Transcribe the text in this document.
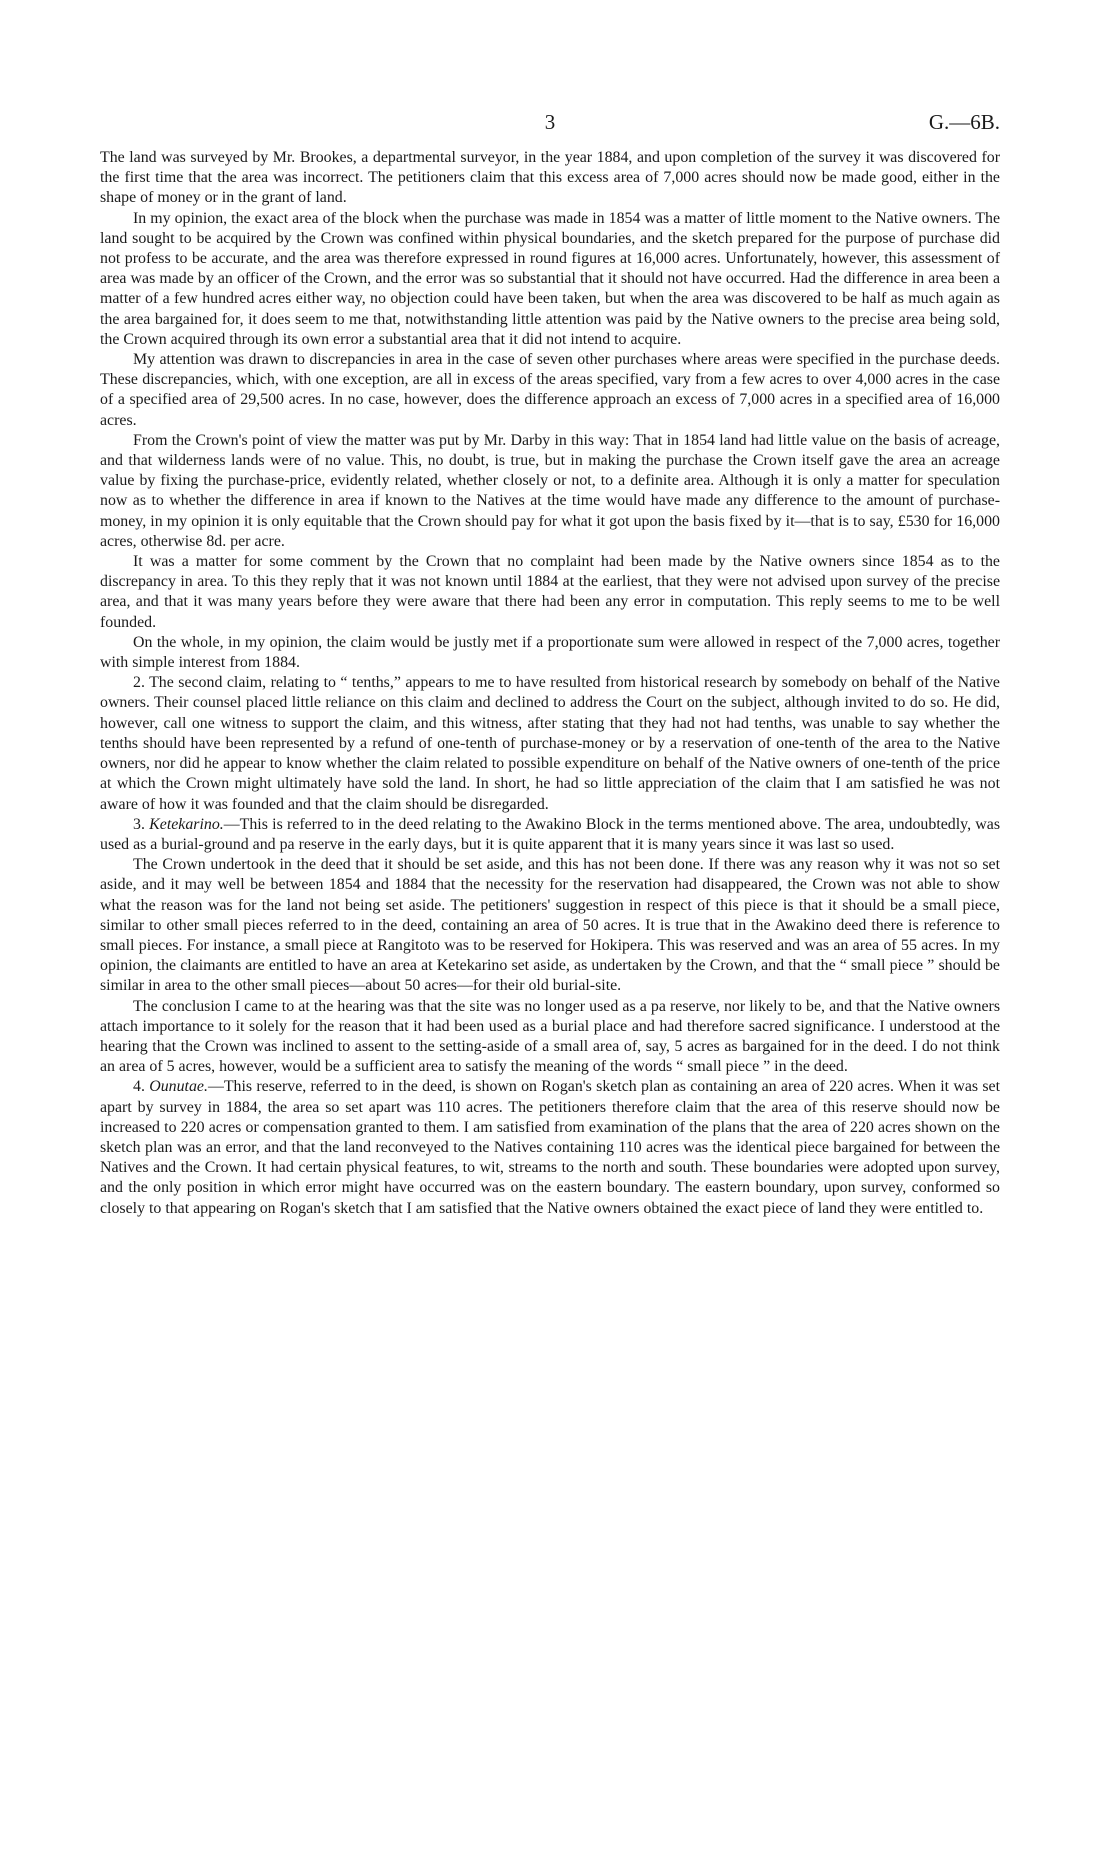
3	G.—6B.

The land was surveyed by Mr. Brookes, a departmental surveyor, in the year 1884, and upon completion of the survey it was discovered for the first time that the area was incorrect. The petitioners claim that this excess area of 7,000 acres should now be made good, either in the shape of money or in the grant of land.

In my opinion, the exact area of the block when the purchase was made in 1854 was a matter of little moment to the Native owners. The land sought to be acquired by the Crown was confined within physical boundaries, and the sketch prepared for the purpose of purchase did not profess to be accurate, and the area was therefore expressed in round figures at 16,000 acres. Unfortunately, however, this assessment of area was made by an officer of the Crown, and the error was so substantial that it should not have occurred. Had the difference in area been a matter of a few hundred acres either way, no objection could have been taken, but when the area was discovered to be half as much again as the area bargained for, it does seem to me that, notwithstanding little attention was paid by the Native owners to the precise area being sold, the Crown acquired through its own error a substantial area that it did not intend to acquire.

My attention was drawn to discrepancies in area in the case of seven other purchases where areas were specified in the purchase deeds. These discrepancies, which, with one exception, are all in excess of the areas specified, vary from a few acres to over 4,000 acres in the case of a specified area of 29,500 acres. In no case, however, does the difference approach an excess of 7,000 acres in a specified area of 16,000 acres.

From the Crown's point of view the matter was put by Mr. Darby in this way: That in 1854 land had little value on the basis of acreage, and that wilderness lands were of no value. This, no doubt, is true, but in making the purchase the Crown itself gave the area an acreage value by fixing the purchase-price, evidently related, whether closely or not, to a definite area. Although it is only a matter for speculation now as to whether the difference in area if known to the Natives at the time would have made any difference to the amount of purchase-money, in my opinion it is only equitable that the Crown should pay for what it got upon the basis fixed by it—that is to say, £530 for 16,000 acres, otherwise 8d. per acre.

It was a matter for some comment by the Crown that no complaint had been made by the Native owners since 1854 as to the discrepancy in area. To this they reply that it was not known until 1884 at the earliest, that they were not advised upon survey of the precise area, and that it was many years before they were aware that there had been any error in computation. This reply seems to me to be well founded.

On the whole, in my opinion, the claim would be justly met if a proportionate sum were allowed in respect of the 7,000 acres, together with simple interest from 1884.

2. The second claim, relating to “ tenths,” appears to me to have resulted from historical research by somebody on behalf of the Native owners. Their counsel placed little reliance on this claim and declined to address the Court on the subject, although invited to do so. He did, however, call one witness to support the claim, and this witness, after stating that they had not had tenths, was unable to say whether the tenths should have been represented by a refund of one-tenth of purchase-money or by a reservation of one-tenth of the area to the Native owners, nor did he appear to know whether the claim related to possible expenditure on behalf of the Native owners of one-tenth of the price at which the Crown might ultimately have sold the land. In short, he had so little appreciation of the claim that I am satisfied he was not aware of how it was founded and that the claim should be disregarded.

3. Ketekarino.—This is referred to in the deed relating to the Awakino Block in the terms mentioned above. The area, undoubtedly, was used as a burial-ground and pa reserve in the early days, but it is quite apparent that it is many years since it was last so used.

The Crown undertook in the deed that it should be set aside, and this has not been done. If there was any reason why it was not so set aside, and it may well be between 1854 and 1884 that the necessity for the reservation had disappeared, the Crown was not able to show what the reason was for the land not being set aside. The petitioners' suggestion in respect of this piece is that it should be a small piece, similar to other small pieces referred to in the deed, containing an area of 50 acres. It is true that in the Awakino deed there is reference to small pieces. For instance, a small piece at Rangitoto was to be reserved for Hokipera. This was reserved and was an area of 55 acres. In my opinion, the claimants are entitled to have an area at Ketekarino set aside, as undertaken by the Crown, and that the “ small piece ” should be similar in area to the other small pieces—about 50 acres—for their old burial-site.

The conclusion I came to at the hearing was that the site was no longer used as a pa reserve, nor likely to be, and that the Native owners attach importance to it solely for the reason that it had been used as a burial place and had therefore sacred significance. I understood at the hearing that the Crown was inclined to assent to the setting-aside of a small area of, say, 5 acres as bargained for in the deed. I do not think an area of 5 acres, however, would be a sufficient area to satisfy the meaning of the words “ small piece ” in the deed.

4. Ounutae.—This reserve, referred to in the deed, is shown on Rogan's sketch plan as containing an area of 220 acres. When it was set apart by survey in 1884, the area so set apart was 110 acres. The petitioners therefore claim that the area of this reserve should now be increased to 220 acres or compensation granted to them. I am satisfied from examination of the plans that the area of 220 acres shown on the sketch plan was an error, and that the land reconveyed to the Natives containing 110 acres was the identical piece bargained for between the Natives and the Crown. It had certain physical features, to wit, streams to the north and south. These boundaries were adopted upon survey, and the only position in which error might have occurred was on the eastern boundary. The eastern boundary, upon survey, conformed so closely to that appearing on Rogan's sketch that I am satisfied that the Native owners obtained the exact piece of land they were entitled to.
